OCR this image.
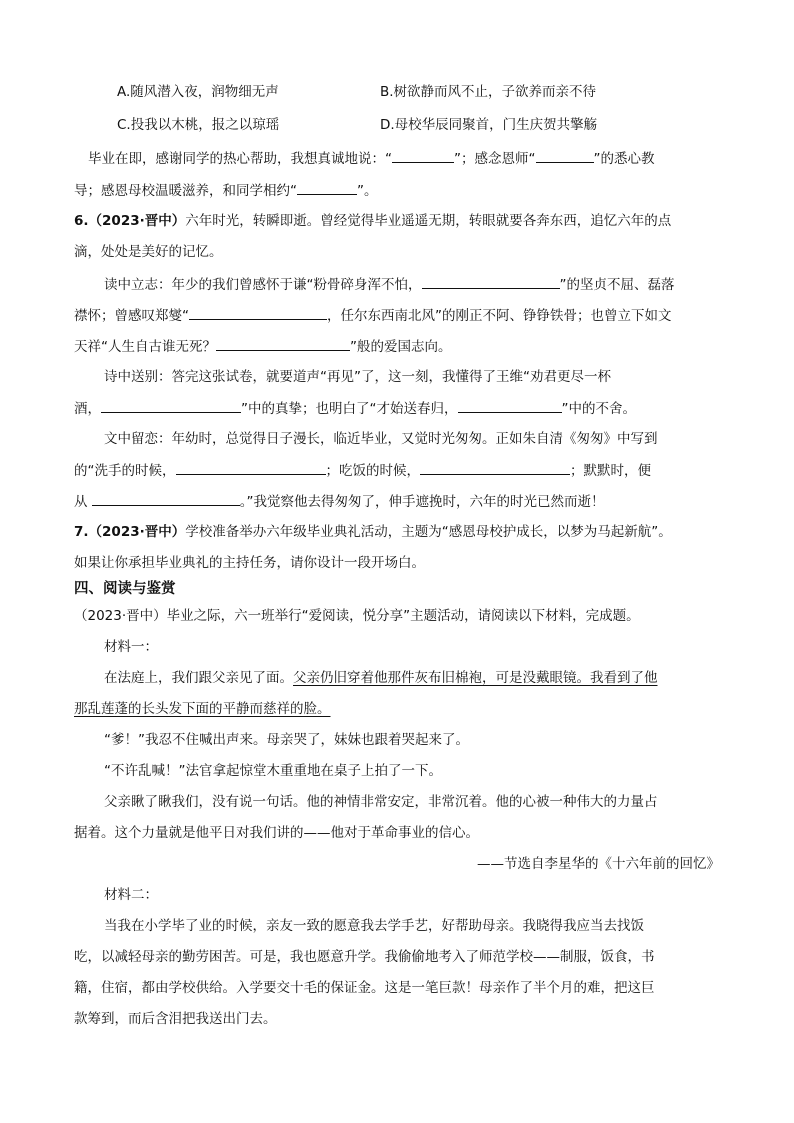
A.随风潜入夜，润物细无声	B.树欲静而风不止，子欲养而亲不待
C.投我以木桃，报之以琼瑶	D.母校华辰同聚首，门生庆贺共擎觞
毕业在即，感谢同学的热心帮助，我想真诚地说：“	”；感念恩师“	”的悉心教
导；感恩母校温暖滋养，和同学相约“	”。
6.（2023·晋中）六年时光，转瞬即逝。曾经觉得毕业遥遥无期，转眼就要各奔东西，追忆六年的点
滴，处处是美好的记忆。
读中立志：年少的我们曾感怀于谦“粉骨碎身浑不怕，	”的坚贞不屈、磊落
襟怀；曾感叹郑燮“	，任尔东西南北风”的刚正不阿、铮铮铁骨；也曾立下如文
天祥“人生自古谁无死？	”般的爱国志向。
诗中送别：答完这张试卷，就要道声“再见”了，这一刻，我懂得了王维“劝君更尽一杯
酒，	”中的真挚；也明白了“才始送春归，	”中的不舍。
文中留恋：年幼时，总觉得日子漫长，临近毕业，又觉时光匆匆。正如朱自清《匆匆》中写到
的“洗手的时候，	；吃饭的时候，	；默默时，便
从	。”我觉察他去得匆匆了，伸手遮挽时，六年的时光已然而逝！
7.（2023·晋中）学校准备举办六年级毕业典礼活动，主题为“感恩母校护成长，以梦为马起新航”。
如果让你承担毕业典礼的主持任务，请你设计一段开场白。
四、阅读与鉴赏
（2023·晋中）毕业之际，六一班举行“爱阅读，悦分享”主题活动，请阅读以下材料，完成题。
材料一：
在法庭上，我们跟父亲见了面。父亲仍旧穿着他那件灰布旧棉袍，可是没戴眼镜。我看到了他
那乱莲蓬的长头发下面的平静而慈祥的脸。
“爹！”我忍不住喊出声来。母亲哭了，妹妹也跟着哭起来了。
“不许乱喊！”法官拿起惊堂木重重地在桌子上拍了一下。
父亲瞅了瞅我们，没有说一句话。他的神情非常安定，非常沉着。他的心被一种伟大的力量占
据着。这个力量就是他平日对我们讲的——他对于革命事业的信心。
——节选自李星华的《十六年前的回忆》
材料二：
当我在小学毕了业的时候，亲友一致的愿意我去学手艺，好帮助母亲。我晓得我应当去找饭
吃，以减轻母亲的勤劳困苦。可是，我也愿意升学。我偷偷地考入了师范学校——制服，饭食，书
籍，住宿，都由学校供给。入学要交十毛的保证金。这是一笔巨款！母亲作了半个月的难，把这巨
款筹到，而后含泪把我送出门去。
